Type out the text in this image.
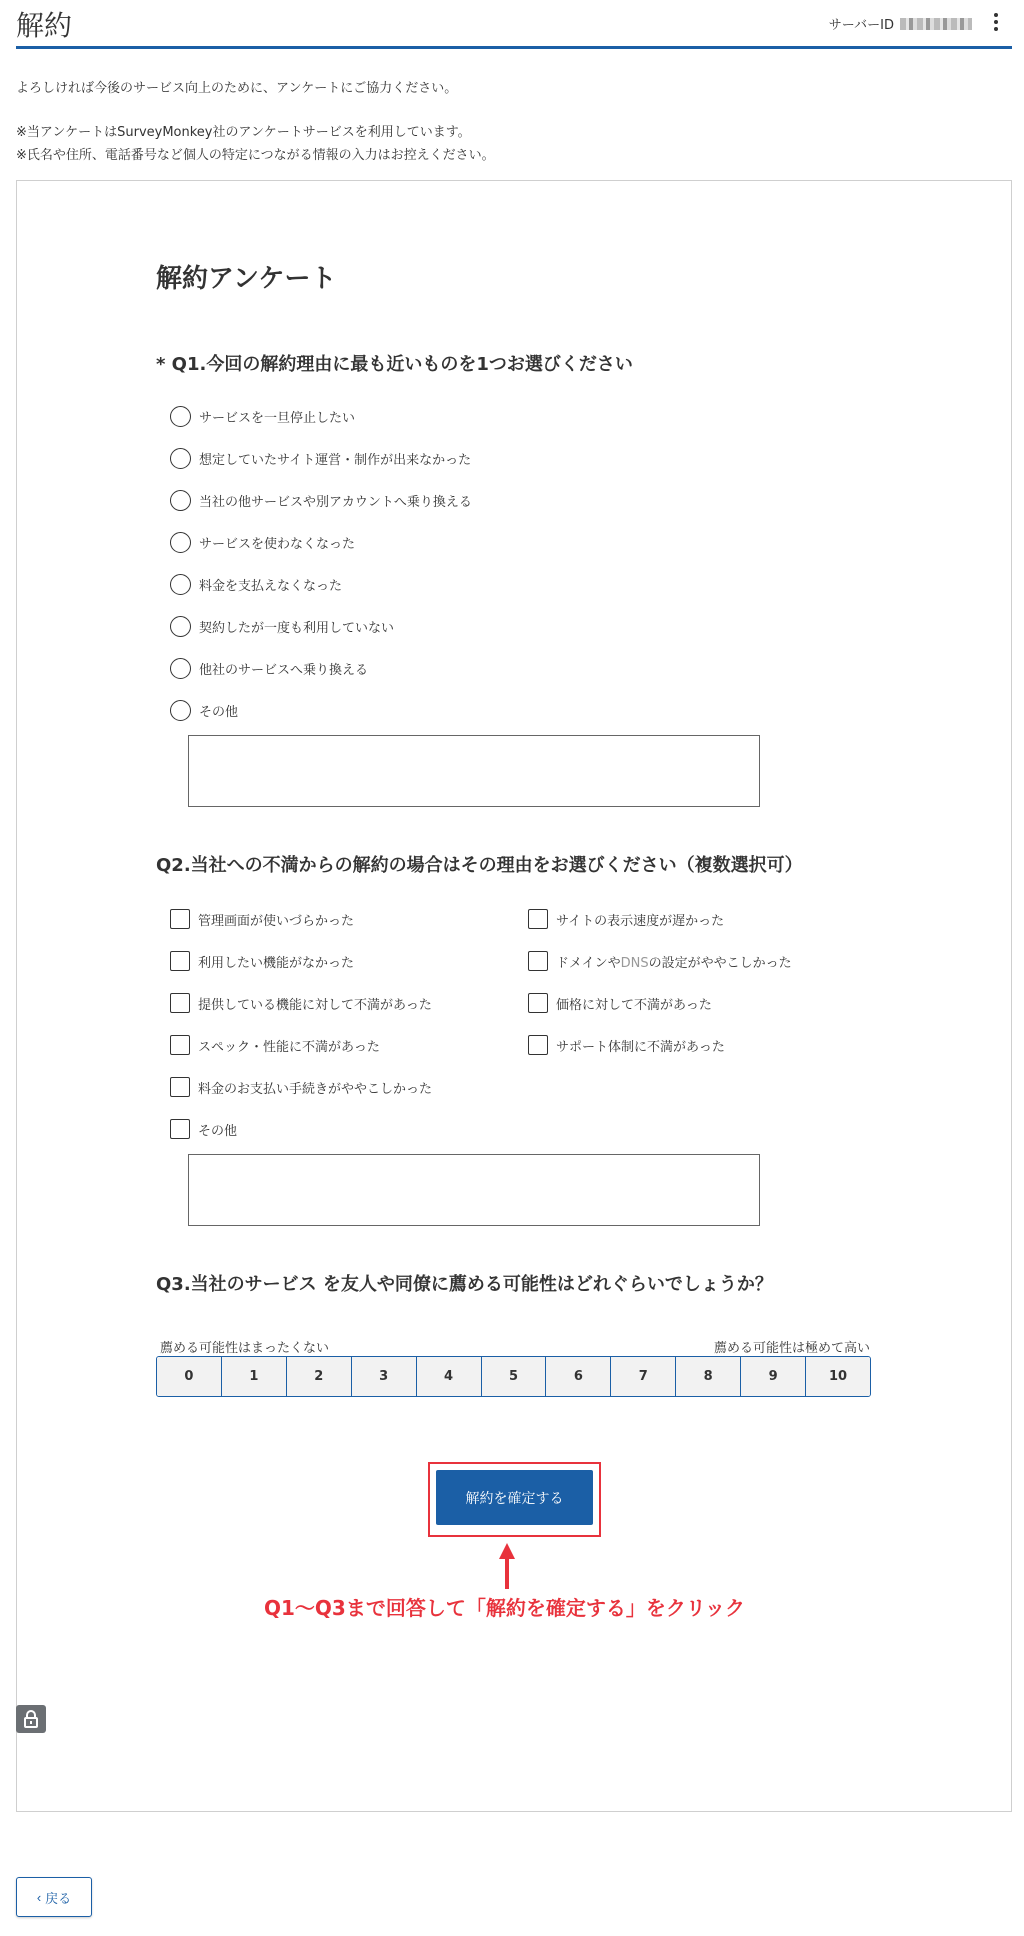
解約	サーバーID
よろしければ今後のサービス向上のために、アンケートにご協力ください。
※当アンケートはSurveyMonkey社のアンケートサービスを利用しています。
※氏名や住所、電話番号など個人の特定につながる情報の入力はお控えください。
解約アンケート
* Q1.今回の解約理由に最も近いものを1つお選びください
サービスを一旦停止したい
想定していたサイト運営・制作が出来なかった
当社の他サービスや別アカウントへ乗り換える
サービスを使わなくなった
料金を支払えなくなった
契約したが一度も利用していない
他社のサービスへ乗り換える
その他
Q2.当社への不満からの解約の場合はその理由をお選びください（複数選択可）
管理画面が使いづらかった
利用したい機能がなかった
提供している機能に対して不満があった
スペック・性能に不満があった
料金のお支払い手続きがややこしかった
その他
サイトの表示速度が遅かった
ドメインやDNSの設定がややこしかった
価格に対して不満があった
サポート体制に不満があった
Q3.当社のサービス を友人や同僚に薦める可能性はどれぐらいでしょうか？
薦める可能性はまったくない	薦める可能性は極めて高い
0	1	2	3	4	5	6	7	8	9	10
解約を確定する
Q1～Q3まで回答して「解約を確定する」をクリック
‹ 戻る
